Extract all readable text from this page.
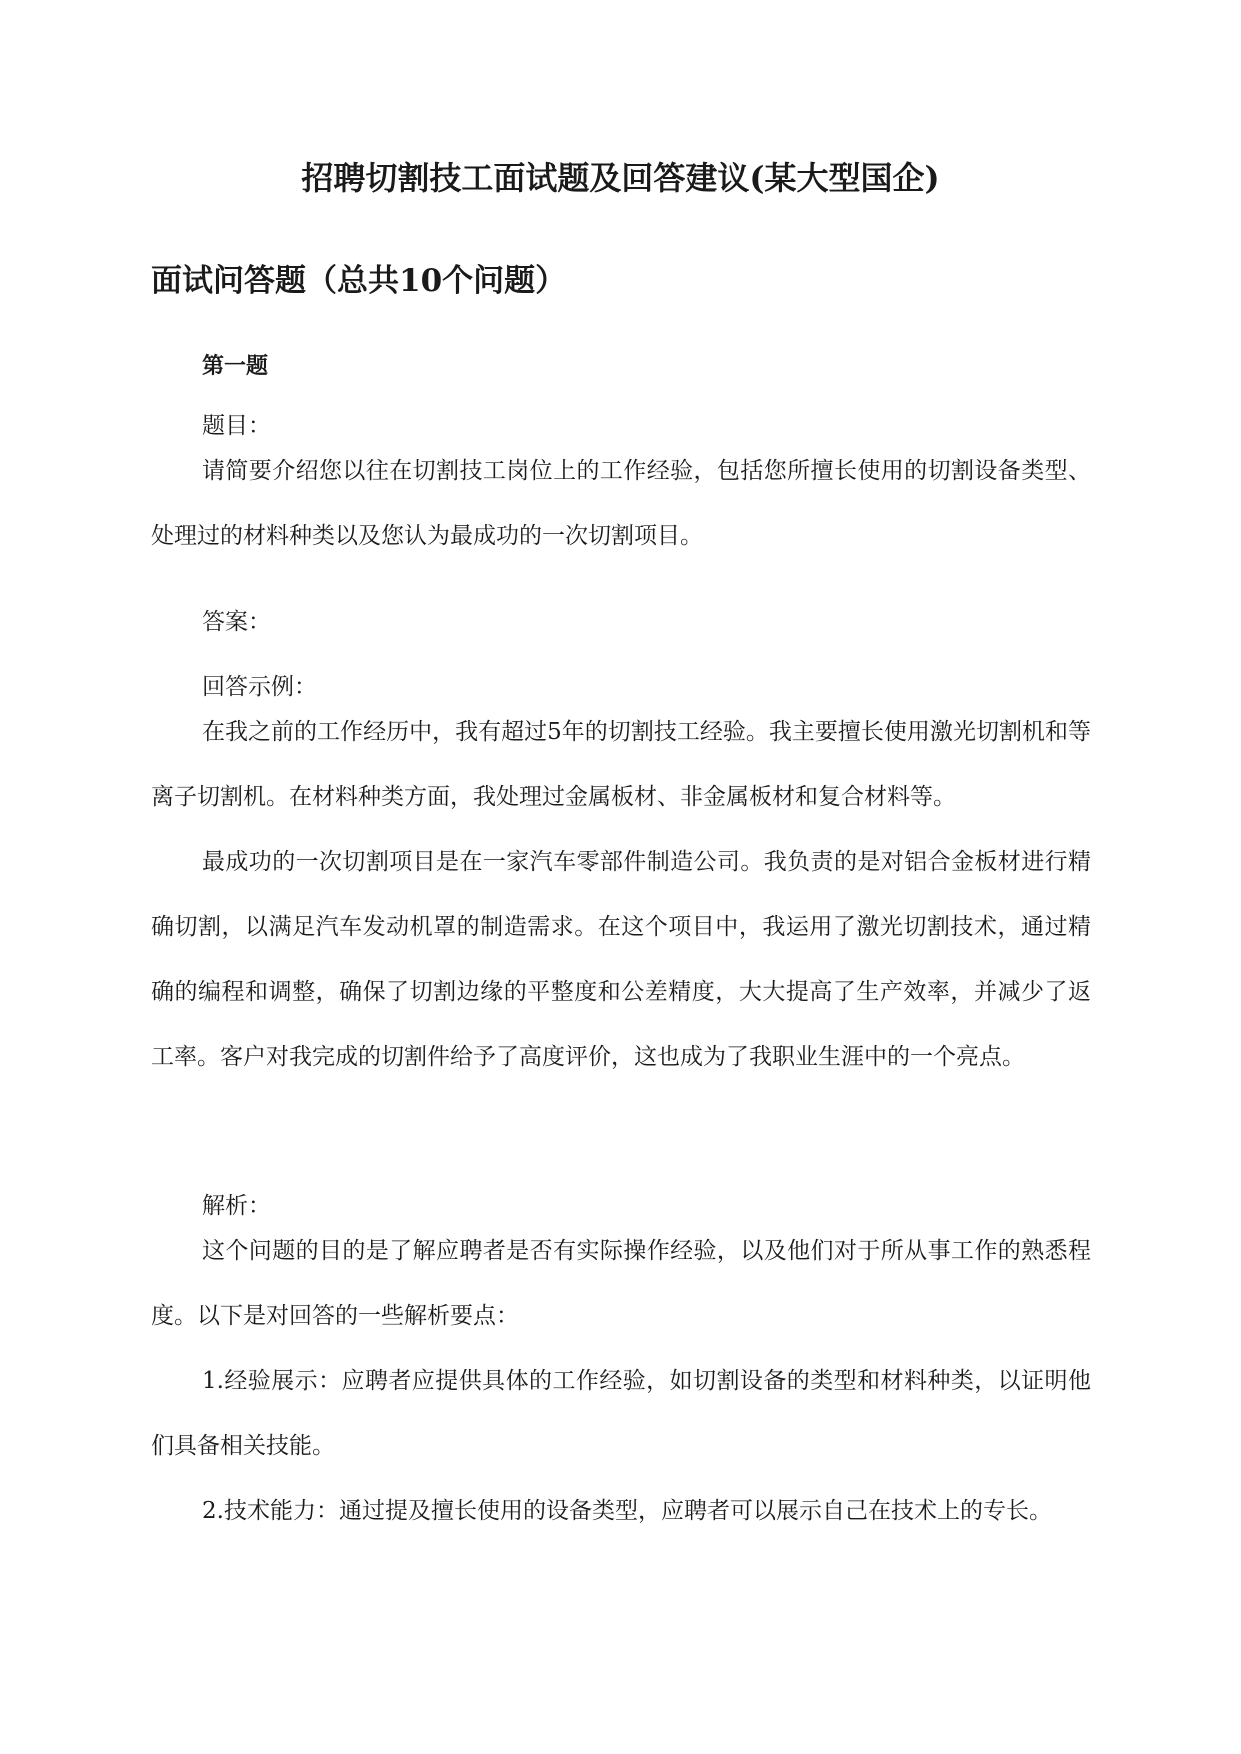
招聘切割技工面试题及回答建议(某大型国企)
面试问答题（总共10个问题）
第一题
题目：
请简要介绍您以往在切割技工岗位上的工作经验，包括您所擅长使用的切割设备类型、处理过的材料种类以及您认为最成功的一次切割项目。
答案：
回答示例：
在我之前的工作经历中，我有超过5年的切割技工经验。我主要擅长使用激光切割机和等离子切割机。在材料种类方面，我处理过金属板材、非金属板材和复合材料等。
最成功的一次切割项目是在一家汽车零部件制造公司。我负责的是对铝合金板材进行精确切割，以满足汽车发动机罩的制造需求。在这个项目中，我运用了激光切割技术，通过精确的编程和调整，确保了切割边缘的平整度和公差精度，大大提高了生产效率，并减少了返工率。客户对我完成的切割件给予了高度评价，这也成为了我职业生涯中的一个亮点。
解析：
这个问题的目的是了解应聘者是否有实际操作经验，以及他们对于所从事工作的熟悉程度。以下是对回答的一些解析要点：
1.经验展示：应聘者应提供具体的工作经验，如切割设备的类型和材料种类，以证明他们具备相关技能。
2.技术能力：通过提及擅长使用的设备类型，应聘者可以展示自己在技术上的专长。
